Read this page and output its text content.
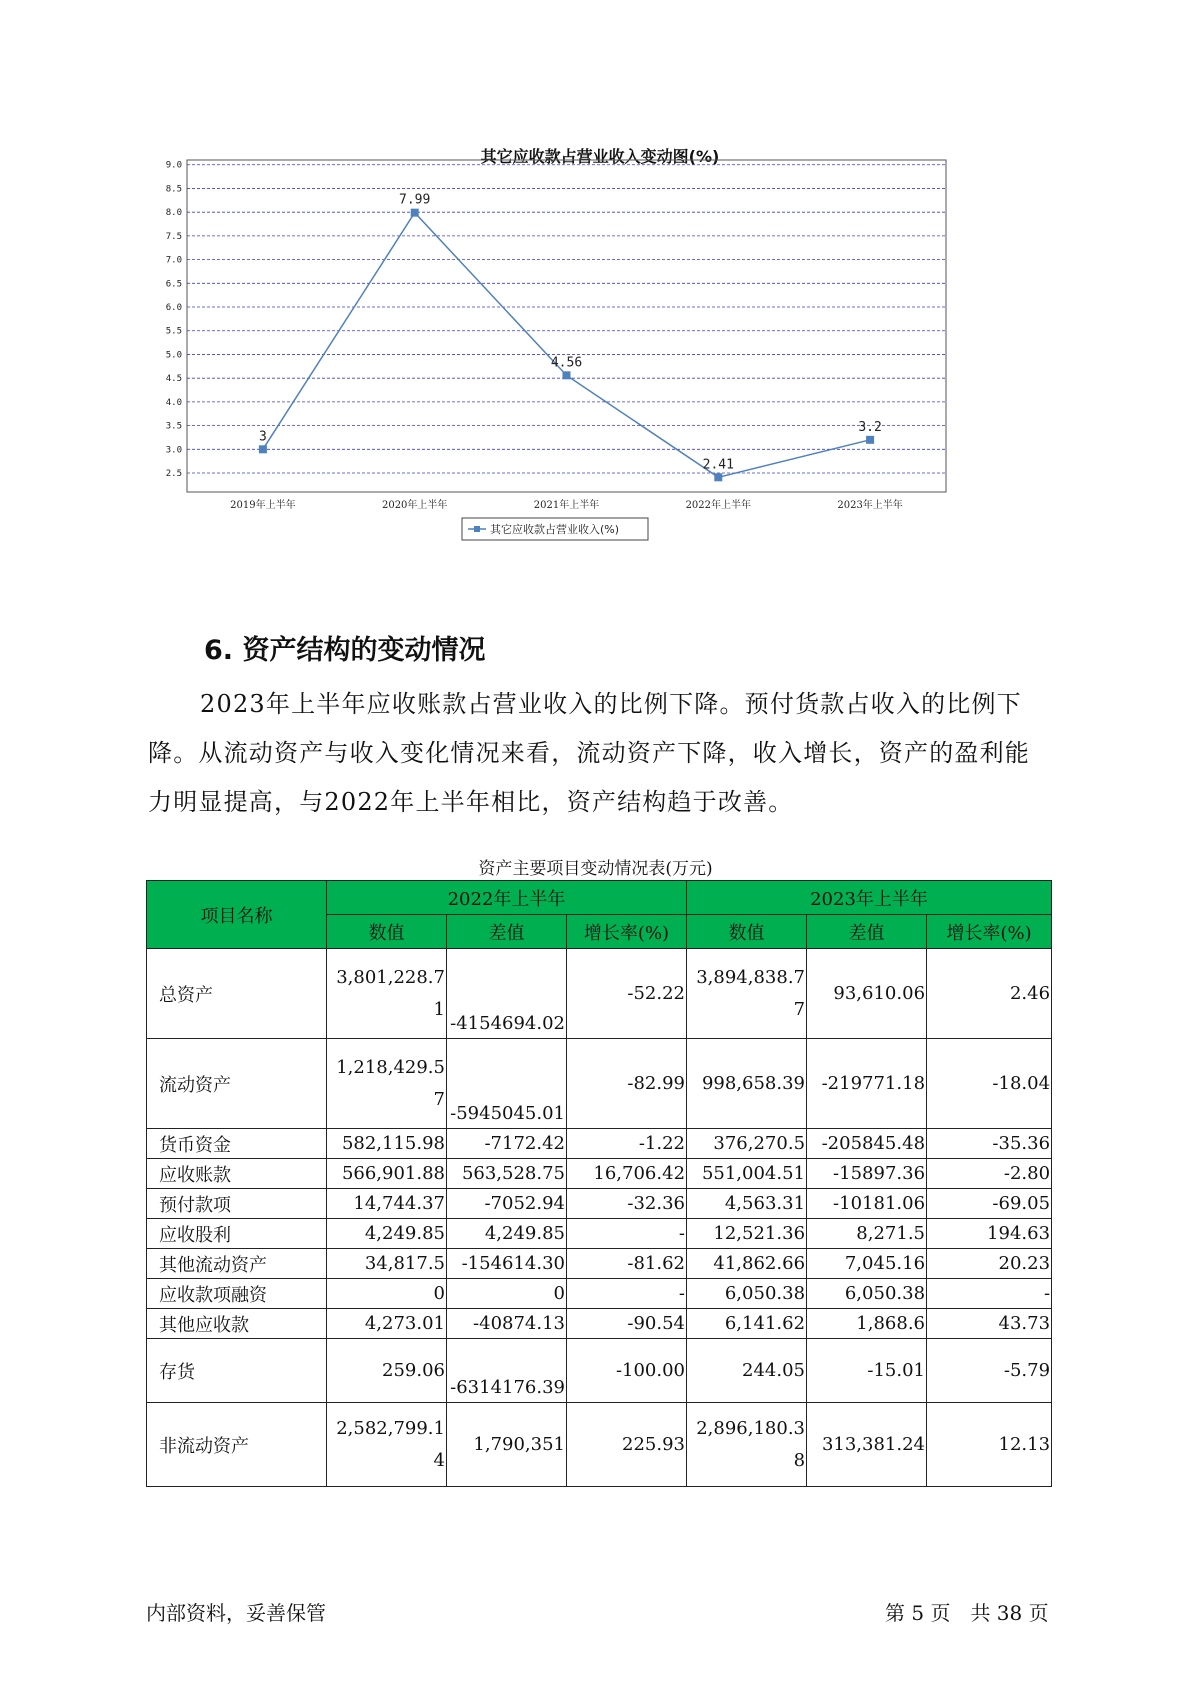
其它应收款占营业收入变动图(%)
9.0
8.5
8.0
7.5
7.0
6.5
6.0
5.5
5.0
4.5
4.0
3.5
3.0
2.5
2019年上半年	2020年上半年	2021年上半年	2022年上半年	2023年上半年
3
7.99
4.56
2.41
3.2
其它应收款占营业收入(%)
6. 资产结构的变动情况

2023年上半年应收账款占营业收入的比例下降。预付货款占收入的比例下降。从流动资产与收入变化情况来看，流动资产下降，收入增长，资产的盈利能力明显提高，与2022年上半年相比，资产结构趋于改善。

资产主要项目变动情况表(万元)
项目名称	2022年上半年			2023年上半年		
	数值	差值	增长率(%)	数值	差值	增长率(%)
总资产	3,801,228.71	-4154694.02	-52.22	3,894,838.77	93,610.06	2.46
流动资产	1,218,429.57	-5945045.01	-82.99	998,658.39	-219771.18	-18.04
货币资金	582,115.98	-7172.42	-1.22	376,270.5	-205845.48	-35.36
应收账款	566,901.88	563,528.75	16,706.42	551,004.51	-15897.36	-2.80
预付款项	14,744.37	-7052.94	-32.36	4,563.31	-10181.06	-69.05
应收股利	4,249.85	4,249.85	-	12,521.36	8,271.5	194.63
其他流动资产	34,817.5	-154614.30	-81.62	41,862.66	7,045.16	20.23
应收款项融资	0	0	-	6,050.38	6,050.38	-
其他应收款	4,273.01	-40874.13	-90.54	6,141.62	1,868.6	43.73
存货	259.06	-6314176.39	-100.00	244.05	-15.01	-5.79
非流动资产	2,582,799.14	1,790,351	225.93	2,896,180.38	313,381.24	12.13
内部资料，妥善保管	第 5 页　共 38 页
